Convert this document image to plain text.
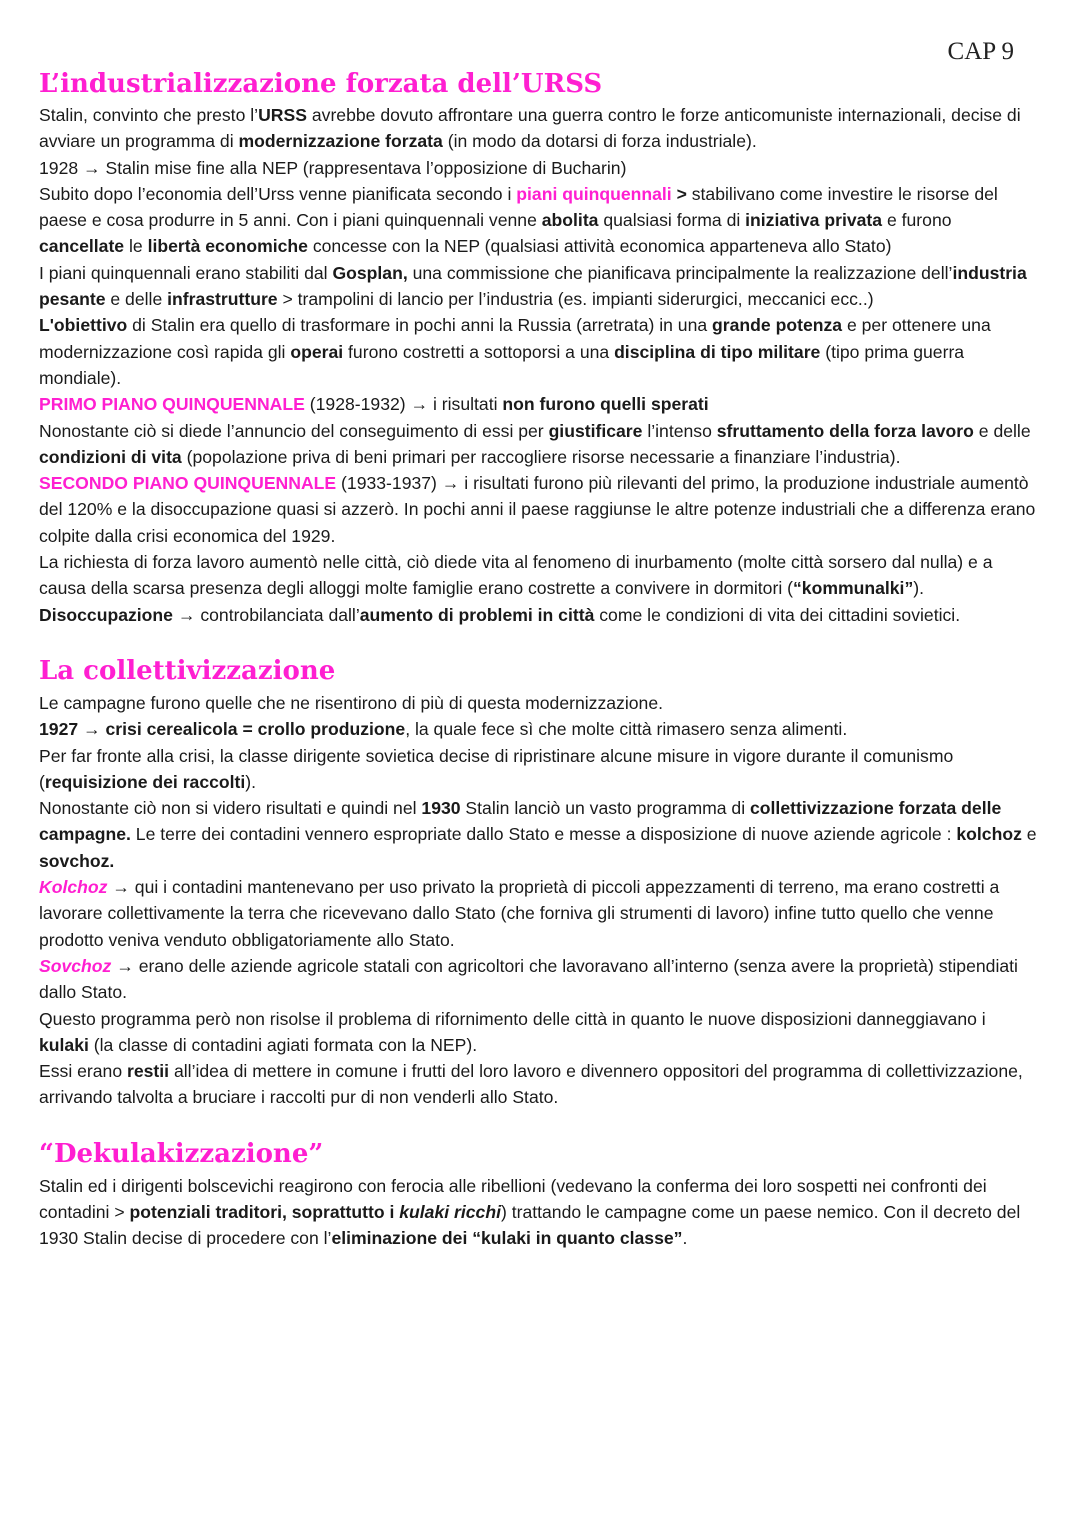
CAP 9
L’industrializzazione forzata dell’URSS

Stalin, convinto che presto l’URSS avrebbe dovuto affrontare una guerra contro le forze anticomuniste internazionali, decise di avviare un programma di modernizzazione forzata (in modo da dotarsi di forza industriale).

1928 → Stalin mise fine alla NEP (rappresentava l’opposizione di Bucharin)

Subito dopo l’economia dell’Urss venne pianificata secondo i piani quinquennali > stabilivano come investire le risorse del paese e cosa produrre in 5 anni. Con i piani quinquennali venne abolita qualsiasi forma di iniziativa privata e furono cancellate le libertà economiche concesse con la NEP (qualsiasi attività economica apparteneva allo Stato)

I piani quinquennali erano stabiliti dal Gosplan, una commissione che pianificava principalmente la realizzazione dell’industria pesante e delle infrastrutture > trampolini di lancio per l’industria (es. impianti siderurgici, meccanici ecc..)

L'obiettivo di Stalin era quello di trasformare in pochi anni la Russia (arretrata) in una grande potenza e per ottenere una modernizzazione così rapida gli operai furono costretti a sottoporsi a una disciplina di tipo militare (tipo prima guerra mondiale).

PRIMO PIANO QUINQUENNALE (1928-1932) → i risultati non furono quelli sperati

Nonostante ciò si diede l’annuncio del conseguimento di essi per giustificare l’intenso sfruttamento della forza lavoro e delle condizioni di vita (popolazione priva di beni primari per raccogliere risorse necessarie a finanziare l’industria).

SECONDO PIANO QUINQUENNALE (1933-1937) → i risultati furono più rilevanti del primo, la produzione industriale aumentò del 120% e la disoccupazione quasi si azzerò. In pochi anni il paese raggiunse le altre potenze industriali che a differenza erano colpite dalla crisi economica del 1929.

La richiesta di forza lavoro aumentò nelle città, ciò diede vita al fenomeno di inurbamento (molte città sorsero dal nulla) e a causa della scarsa presenza degli alloggi molte famiglie erano costrette a convivere in dormitori (“kommunalki”).

Disoccupazione → controbilanciata dall’aumento di problemi in città come le condizioni di vita dei cittadini sovietici.

La collettivizzazione

Le campagne furono quelle che ne risentirono di più di questa modernizzazione.

1927 → crisi cerealicola = crollo produzione, la quale fece sì che molte città rimasero senza alimenti.

Per far fronte alla crisi, la classe dirigente sovietica decise di ripristinare alcune misure in vigore durante il comunismo (requisizione dei raccolti).

Nonostante ciò non si videro risultati e quindi nel 1930 Stalin lanciò un vasto programma di collettivizzazione forzata delle campagne. Le terre dei contadini vennero espropriate dallo Stato e messe a disposizione di nuove aziende agricole : kolchoz e sovchoz.

Kolchoz → qui i contadini mantenevano per uso privato la proprietà di piccoli appezzamenti di terreno, ma erano costretti a lavorare collettivamente la terra che ricevevano dallo Stato (che forniva gli strumenti di lavoro) infine tutto quello che venne prodotto veniva venduto obbligatoriamente allo Stato.

Sovchoz → erano delle aziende agricole statali con agricoltori che lavoravano all’interno (senza avere la proprietà) stipendiati dallo Stato.

Questo programma però non risolse il problema di rifornimento delle città in quanto le nuove disposizioni danneggiavano i kulaki (la classe di contadini agiati formata con la NEP).

Essi erano restii all’idea di mettere in comune i frutti del loro lavoro e divennero oppositori del programma di collettivizzazione, arrivando talvolta a bruciare i raccolti pur di non venderli allo Stato.

“Dekulakizzazione”

Stalin ed i dirigenti bolscevichi reagirono con ferocia alle ribellioni (vedevano la conferma dei loro sospetti nei confronti dei contadini > potenziali traditori, soprattutto i kulaki ricchi) trattando le campagne come un paese nemico. Con il decreto del 1930 Stalin decise di procedere con l’eliminazione dei “kulaki in quanto classe”.
